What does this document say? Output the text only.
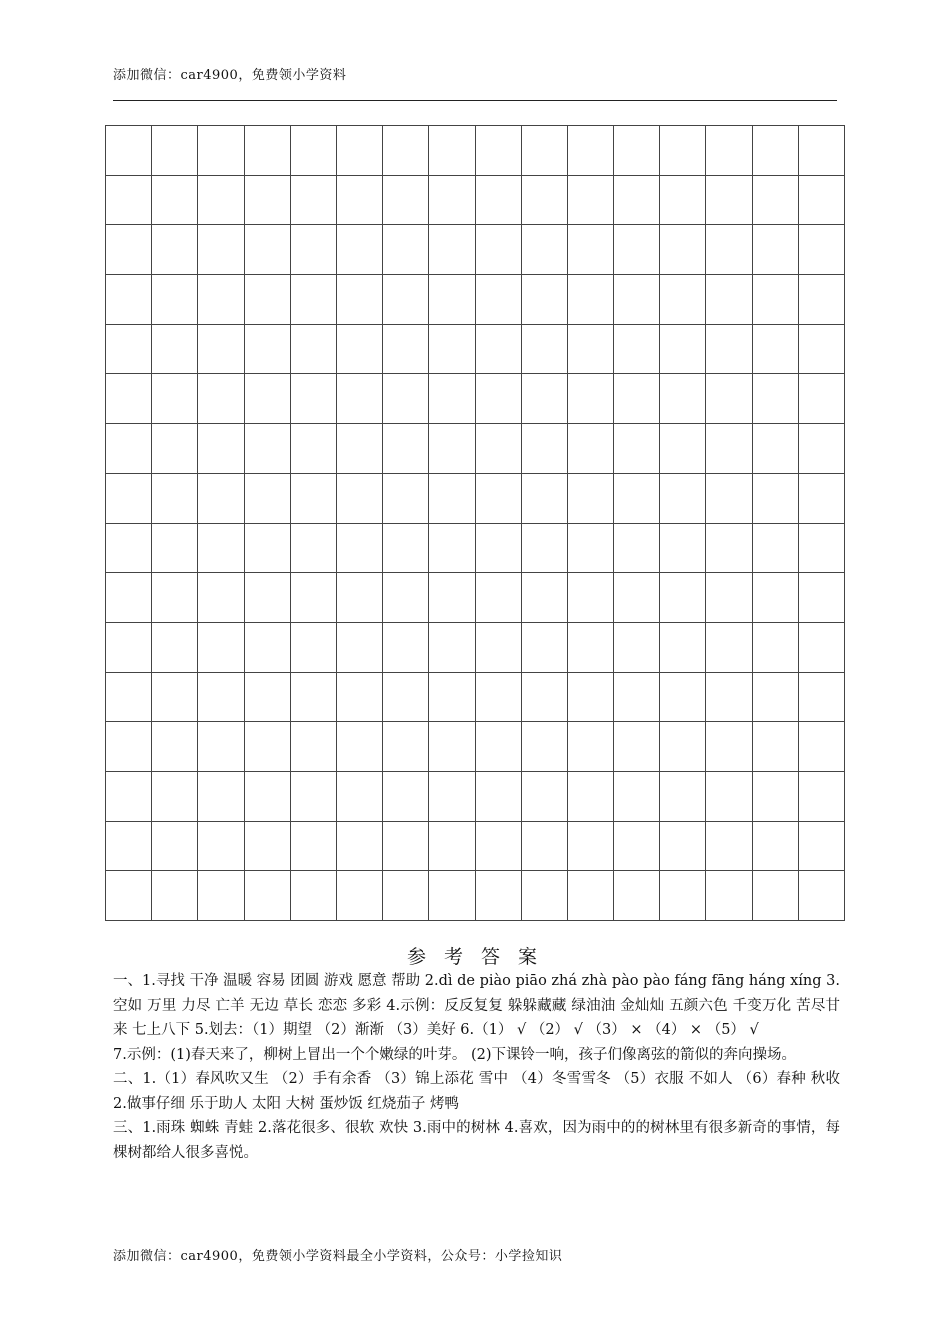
添加微信：car4900，免费领小学资料
参 考 答 案

一、1.寻找 干净 温暖 容易 团圆 游戏 愿意 帮助 2.dì de piào piāo zhá zhà pào pào fáng fāng háng xíng 3.空如 万里 力尽 亡羊 无边 草长 恋恋 多彩 4.示例：反反复复 躲躲藏藏 绿油油 金灿灿 五颜六色 千变万化 苦尽甘来 七上八下 5.划去：（1）期望 （2）渐渐 （3）美好 6.（1） √ （2） √ （3） × （4） × （5） √

7.示例：(1)春天来了，柳树上冒出一个个嫩绿的叶芽。 (2)下课铃一响，孩子们像离弦的箭似的奔向操场。

二、1.（1）春风吹又生 （2）手有余香 （3）锦上添花 雪中 （4）冬雪雪冬 （5）衣服 不如人 （6）春种 秋收 2.做事仔细 乐于助人 太阳 大树 蛋炒饭 红烧茄子 烤鸭

三、1.雨珠 蜘蛛 青蛙 2.落花很多、很软 欢快 3.雨中的树林 4.喜欢，因为雨中的的树林里有很多新奇的事情，每棵树都给人很多喜悦。

添加微信：car4900，免费领小学资料最全小学资料，公众号：小学捡知识
